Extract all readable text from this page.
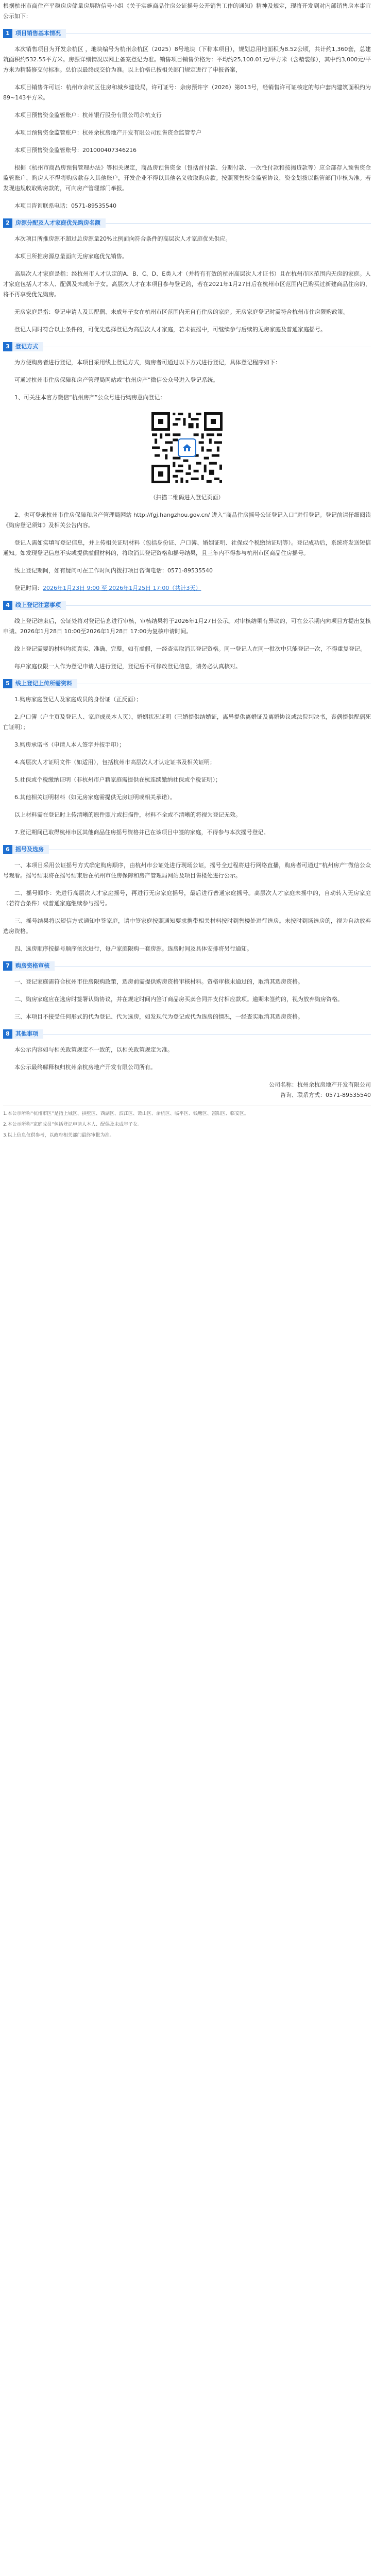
根据杭州市商住产平稳房房储量房屏防信号小组《关于实施商品住房公证摇号公开销售工作的通知》精神及规定，现将开发到对内部销售房本事宜公示如下：

1	项目销售基本情况

本次销售项目为开发余杭区 ，地块编号为杭州余杭区（2025）8号地块（下称本项目），规划总用地面积为8.52公顷，共计约1,360套，总建筑面积约532.55平方米。房源详细情况以网上备案登记为准。销售项目销售价格为：平均约25,100.01元/平方米（含精装修），其中约3,000元/平方米为精装修交付标准。总价以最终成交价为准。以上价格已按相关部门规定进行了申报备案，

本项目销售许可证：杭州市余杭区住房和城乡建设局，许可证号：余房预许字（2026）第013号，经销售许可证核定的每户套内建筑面积约为89~143平方米。

本项目预售资金监管账户：杭州银行股份有限公司余杭支行

本项目预售资金监管账户：杭州余杭房地产开发有限公司预售资金监管专户

本项目预售资金监管账号：201000407346216

根据《杭州市商品房预售管理办法》等相关规定，商品房预售资金（包括首付款、分期付款、一次性付款和按揭贷款等）应全部存入预售资金监管账户，购房人不得将购房款存入其他账户，开发企业不得以其他名义收取购房款。按照预售资金监管协议，资金划拨以监管部门审核为准。若发现违规收取购房款的，可向房产管理部门举报。

本项目咨询联系电话：0571-89535540

2	房源分配及人才家庭优先购房名额

本次项目所推房源不超过总房源量20%比例面向符合条件的高层次人才家庭优先供应。

本项目所推房源总量面向无房家庭优先销售。

高层次人才家庭是指：经杭州市人才认定的A、B、C、D、E类人才（并持有有效的杭州高层次人才证书）且在杭州市区范围内无房的家庭。人才家庭包括人才本人、配偶及未成年子女。高层次人才在本项目参与登记的，若在2021年1月27日后在杭州市区范围内已购买过新建商品住房的，将不再享受优先购房。

无房家庭是指：登记申请人及其配偶、未成年子女在杭州市区范围内无自有住房的家庭。无房家庭登记时需符合杭州市住房限购政策。

登记人同时符合以上条件的，可优先选择登记为高层次人才家庭，若未被摇中，可继续参与后续的无房家庭及普通家庭摇号。

3	登记方式

为方便购房者进行登记，本项目采用线上登记方式，购房者可通过以下方式进行登记，具体登记程序如下：

可通过杭州市住房保障和房产管理局网站或“杭州房产”微信公众号进入登记系统。

1、可关注本官方微信“杭州房产”公众号进行购房意向登记：

（扫描二维码进入登记页面）

2、也可登录杭州市住房保障和房产管理局网站 http://fgj.hangzhou.gov.cn/ 进入“商品住房摇号公证登记入口”进行登记。登记前请仔细阅读《购房登记须知》及相关公告内容。

登记人需如实填写登记信息，并上传相关证明材料（包括身份证、户口簿、婚姻证明、社保或个税缴纳证明等）。登记成功后，系统将发送短信通知。如发现登记信息不实或提供虚假材料的，将取消其登记资格和摇号结果，且三年内不得参与杭州市区商品住房摇号。

线上登记期间，如有疑问可在工作时间内拨打项目咨询电话：0571-89535540

登记时间：2026年1月23日 9:00 至 2026年1月25日 17:00（共计3天）

4	线上登记注意事项

线上登记结束后，公证处将对登记信息进行审核，审核结果将于2026年1月27日公示。对审核结果有异议的，可在公示期内向项目方提出复核申请。2026年1月28日 10:00至2026年1月28日 17:00为复核申请时间。

线上登记需要的材料均须真实、准确、完整，如有虚假，一经查实取消其登记资格。同一登记人在同一批次中只能登记一次，不得重复登记。

每户家庭仅限一人作为登记申请人进行登记，登记后不可修改登记信息，请务必认真核对。

5	线上登记上传所需资料

1.购房家庭登记人及家庭成员的身份证（正反面）；

2.户口簿（户主页及登记人、家庭成员本人页），婚姻状况证明（已婚提供结婚证，离异提供离婚证及离婚协议或法院判决书，丧偶提供配偶死亡证明）；

3.购房承诺书（申请人本人签字并按手印）；

4.高层次人才证明文件（如适用），包括杭州市高层次人才认定证书及相关证明；

5.社保或个税缴纳证明（非杭州市户籍家庭需提供在杭连续缴纳社保或个税证明）；

6.其他相关证明材料（如无房家庭需提供无房证明或相关承诺）。

以上材料需在登记时上传清晰的原件照片或扫描件，材料不全或不清晰的将视为登记无效。

7.登记期间已取得杭州市区其他商品住房摇号资格并已在该项目中签的家庭，不得参与本次摇号登记。

6	摇号及选房

一、本项目采用公证摇号方式确定购房顺序，由杭州市公证处进行现场公证，摇号全过程将进行网络直播，购房者可通过“杭州房产”微信公众号观看。摇号结果将在摇号结束后在杭州市住房保障和房产管理局网站及项目售楼处进行公示。

二、摇号顺序：先进行高层次人才家庭摇号，再进行无房家庭摇号，最后进行普通家庭摇号。高层次人才家庭未摇中的，自动转入无房家庭（若符合条件）或普通家庭继续参与摇号。

三、摇号结果将以短信方式通知中签家庭，请中签家庭按照通知要求携带相关材料按时到售楼处进行选房。未按时到场选房的，视为自动放弃选房资格。

四、选房顺序按摇号顺序依次进行，每户家庭限购一套房源。选房时间及具体安排将另行通知。

7	购房资格审核

一、登记家庭需符合杭州市住房限购政策，选房前需提供购房资格审核材料。资格审核未通过的，取消其选房资格。

二、购房家庭应在选房时签署认购协议，并在规定时间内签订商品房买卖合同并支付相应款项。逾期未签约的，视为放弃购房资格。

三、本项目不接受任何形式的代为登记、代为选房，如发现代为登记或代为选房的情况，一经查实取消其选房资格。

8	其他事项

本公示内容如与相关政策规定不一致的，以相关政策规定为准。

本公示最终解释权归杭州余杭房地产开发有限公司所有。

公司名称：杭州余杭房地产开发有限公司
咨询、联系方式：0571-89535540

1.本公示所称“杭州市区”是指上城区、拱墅区、西湖区、滨江区、萧山区、余杭区、临平区、钱塘区、富阳区、临安区。

2.本公示所称“家庭成员”包括登记申请人本人、配偶及未成年子女。

3.以上信息仅供参考，以政府相关部门最终审批为准。
